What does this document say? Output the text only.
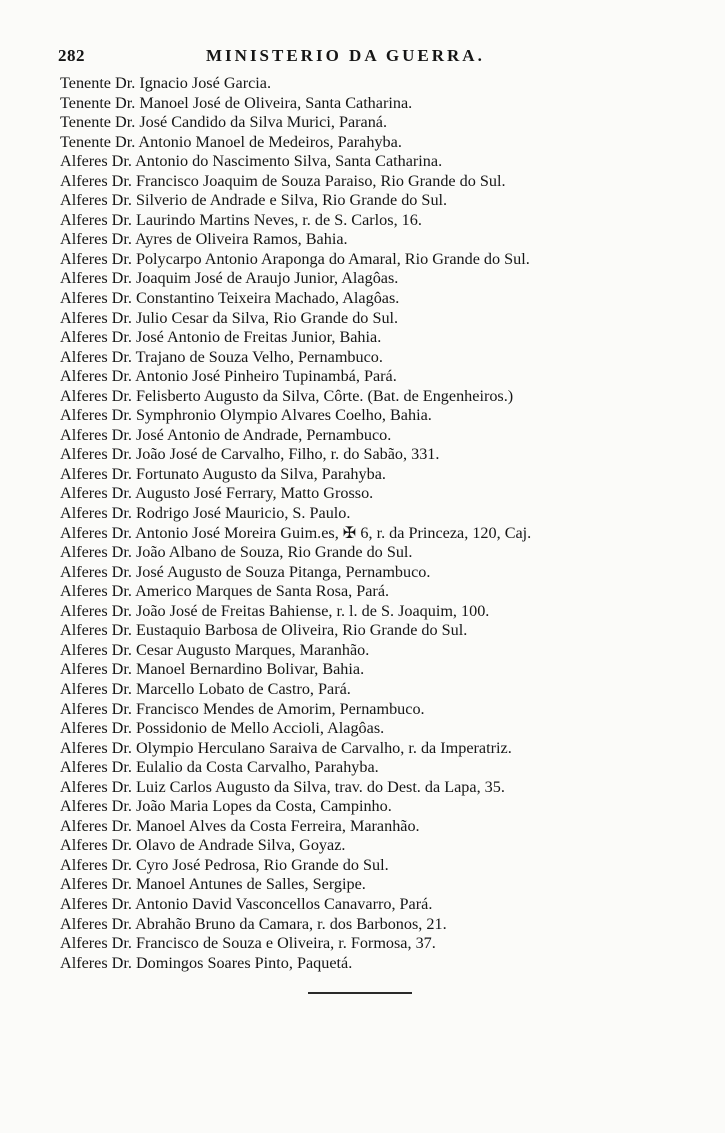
282	MINISTERIO DA GUERRA.
Tenente Dr. Ignacio José Garcia.
Tenente Dr. Manoel José de Oliveira, Santa Catharina.
Tenente Dr. José Candido da Silva Murici, Paraná.
Tenente Dr. Antonio Manoel de Medeiros, Parahyba.
Alferes Dr. Antonio do Nascimento Silva, Santa Catharina.
Alferes Dr. Francisco Joaquim de Souza Paraiso, Rio Grande do Sul.
Alferes Dr. Silverio de Andrade e Silva, Rio Grande do Sul.
Alferes Dr. Laurindo Martins Neves, r. de S. Carlos, 16.
Alferes Dr. Ayres de Oliveira Ramos, Bahia.
Alferes Dr. Polycarpo Antonio Araponga do Amaral, Rio Grande do Sul.
Alferes Dr. Joaquim José de Araujo Junior, Alagôas.
Alferes Dr. Constantino Teixeira Machado, Alagôas.
Alferes Dr. Julio Cesar da Silva, Rio Grande do Sul.
Alferes Dr. José Antonio de Freitas Junior, Bahia.
Alferes Dr. Trajano de Souza Velho, Pernambuco.
Alferes Dr. Antonio José Pinheiro Tupinambá, Pará.
Alferes Dr. Felisberto Augusto da Silva, Côrte. (Bat. de Engenheiros.)
Alferes Dr. Symphronio Olympio Alvares Coelho, Bahia.
Alferes Dr. José Antonio de Andrade, Pernambuco.
Alferes Dr. João José de Carvalho, Filho, r. do Sabão, 331.
Alferes Dr. Fortunato Augusto da Silva, Parahyba.
Alferes Dr. Augusto José Ferrary, Matto Grosso.
Alferes Dr. Rodrigo José Mauricio, S. Paulo.
Alferes Dr. Antonio José Moreira Guim.es, ✠ 6, r. da Princeza, 120, Caj.
Alferes Dr. João Albano de Souza, Rio Grande do Sul.
Alferes Dr. José Augusto de Souza Pitanga, Pernambuco.
Alferes Dr. Americo Marques de Santa Rosa, Pará.
Alferes Dr. João José de Freitas Bahiense, r. l. de S. Joaquim, 100.
Alferes Dr. Eustaquio Barbosa de Oliveira, Rio Grande do Sul.
Alferes Dr. Cesar Augusto Marques, Maranhão.
Alferes Dr. Manoel Bernardino Bolivar, Bahia.
Alferes Dr. Marcello Lobato de Castro, Pará.
Alferes Dr. Francisco Mendes de Amorim, Pernambuco.
Alferes Dr. Possidonio de Mello Accioli, Alagôas.
Alferes Dr. Olympio Herculano Saraiva de Carvalho, r. da Imperatriz.
Alferes Dr. Eulalio da Costa Carvalho, Parahyba.
Alferes Dr. Luiz Carlos Augusto da Silva, trav. do Dest. da Lapa, 35.
Alferes Dr. João Maria Lopes da Costa, Campinho.
Alferes Dr. Manoel Alves da Costa Ferreira, Maranhão.
Alferes Dr. Olavo de Andrade Silva, Goyaz.
Alferes Dr. Cyro José Pedrosa, Rio Grande do Sul.
Alferes Dr. Manoel Antunes de Salles, Sergipe.
Alferes Dr. Antonio David Vasconcellos Canavarro, Pará.
Alferes Dr. Abrahão Bruno da Camara, r. dos Barbonos, 21.
Alferes Dr. Francisco de Souza e Oliveira, r. Formosa, 37.
Alferes Dr. Domingos Soares Pinto, Paquetá.
